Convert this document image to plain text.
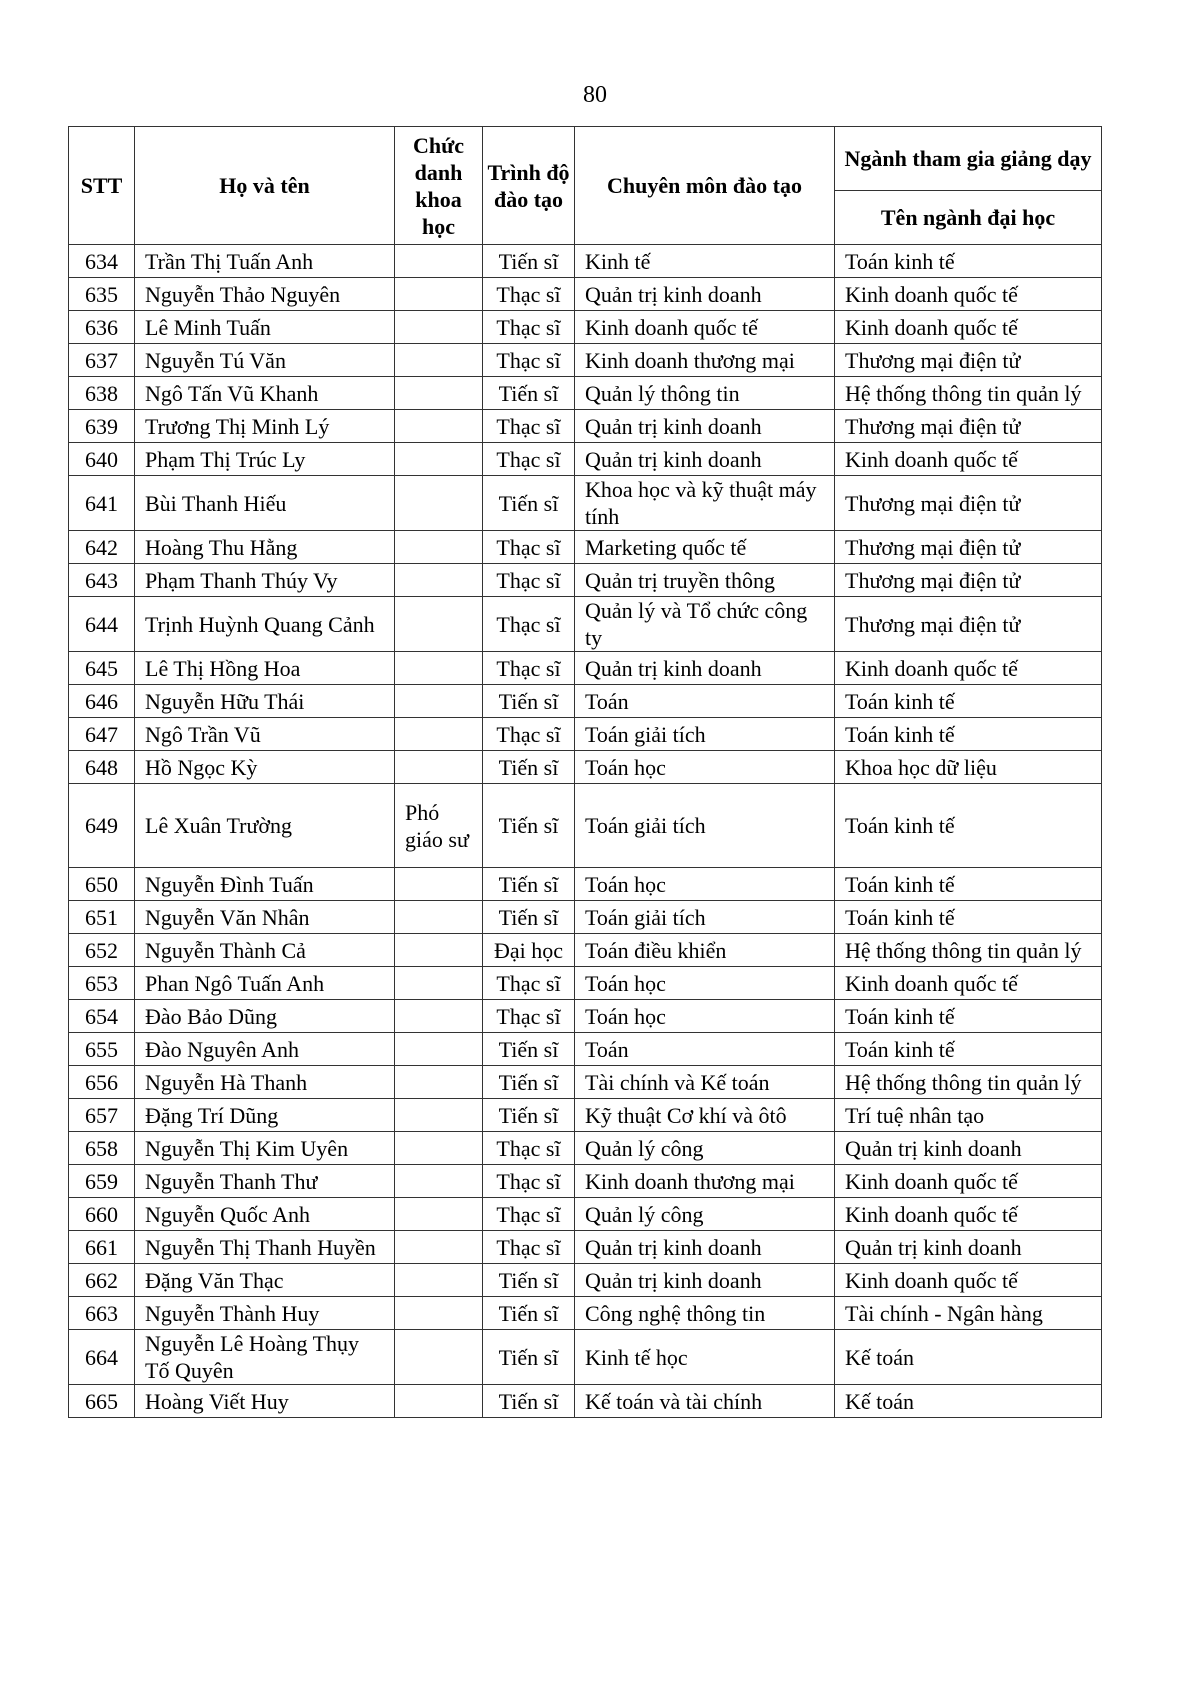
80
STT	Họ và tên	Chức danh khoa học	Trình độ đào tạo	Chuyên môn đào tạo	Ngành tham gia giảng dạy
					Tên ngành đại học
634	Trần Thị Tuấn Anh		Tiến sĩ	Kinh tế	Toán kinh tế
635	Nguyễn Thảo Nguyên		Thạc sĩ	Quản trị kinh doanh	Kinh doanh quốc tế
636	Lê Minh Tuấn		Thạc sĩ	Kinh doanh quốc tế	Kinh doanh quốc tế
637	Nguyễn Tú Văn		Thạc sĩ	Kinh doanh thương mại	Thương mại điện tử
638	Ngô Tấn Vũ Khanh		Tiến sĩ	Quản lý thông tin	Hệ thống thông tin quản lý
639	Trương Thị Minh Lý		Thạc sĩ	Quản trị kinh doanh	Thương mại điện tử
640	Phạm Thị Trúc Ly		Thạc sĩ	Quản trị kinh doanh	Kinh doanh quốc tế
641	Bùi Thanh Hiếu		Tiến sĩ	Khoa học và kỹ thuật máy tính	Thương mại điện tử
642	Hoàng Thu Hằng		Thạc sĩ	Marketing quốc tế	Thương mại điện tử
643	Phạm Thanh Thúy Vy		Thạc sĩ	Quản trị truyền thông	Thương mại điện tử
644	Trịnh Huỳnh Quang Cảnh		Thạc sĩ	Quản lý và Tổ chức công ty	Thương mại điện tử
645	Lê Thị Hồng Hoa		Thạc sĩ	Quản trị kinh doanh	Kinh doanh quốc tế
646	Nguyễn Hữu Thái		Tiến sĩ	Toán	Toán kinh tế
647	Ngô Trần Vũ		Thạc sĩ	Toán giải tích	Toán kinh tế
648	Hồ Ngọc Kỳ		Tiến sĩ	Toán học	Khoa học dữ liệu
649	Lê Xuân Trường	Phó giáo sư	Tiến sĩ	Toán giải tích	Toán kinh tế
650	Nguyễn Đình Tuấn		Tiến sĩ	Toán học	Toán kinh tế
651	Nguyễn Văn Nhân		Tiến sĩ	Toán giải tích	Toán kinh tế
652	Nguyễn Thành Cả		Đại học	Toán điều khiển	Hệ thống thông tin quản lý
653	Phan Ngô Tuấn Anh		Thạc sĩ	Toán học	Kinh doanh quốc tế
654	Đào Bảo Dũng		Thạc sĩ	Toán học	Toán kinh tế
655	Đào Nguyên Anh		Tiến sĩ	Toán	Toán kinh tế
656	Nguyễn Hà Thanh		Tiến sĩ	Tài chính và Kế toán	Hệ thống thông tin quản lý
657	Đặng Trí Dũng		Tiến sĩ	Kỹ thuật Cơ khí và ôtô	Trí tuệ nhân tạo
658	Nguyễn Thị Kim Uyên		Thạc sĩ	Quản lý công	Quản trị kinh doanh
659	Nguyễn Thanh Thư		Thạc sĩ	Kinh doanh thương mại	Kinh doanh quốc tế
660	Nguyễn Quốc Anh		Thạc sĩ	Quản lý công	Kinh doanh quốc tế
661	Nguyễn Thị Thanh Huyền		Thạc sĩ	Quản trị kinh doanh	Quản trị kinh doanh
662	Đặng Văn Thạc		Tiến sĩ	Quản trị kinh doanh	Kinh doanh quốc tế
663	Nguyễn Thành Huy		Tiến sĩ	Công nghệ thông tin	Tài chính - Ngân hàng
664	Nguyễn Lê Hoàng Thụy Tố Quyên		Tiến sĩ	Kinh tế học	Kế toán
665	Hoàng Viết Huy		Tiến sĩ	Kế toán và tài chính	Kế toán
